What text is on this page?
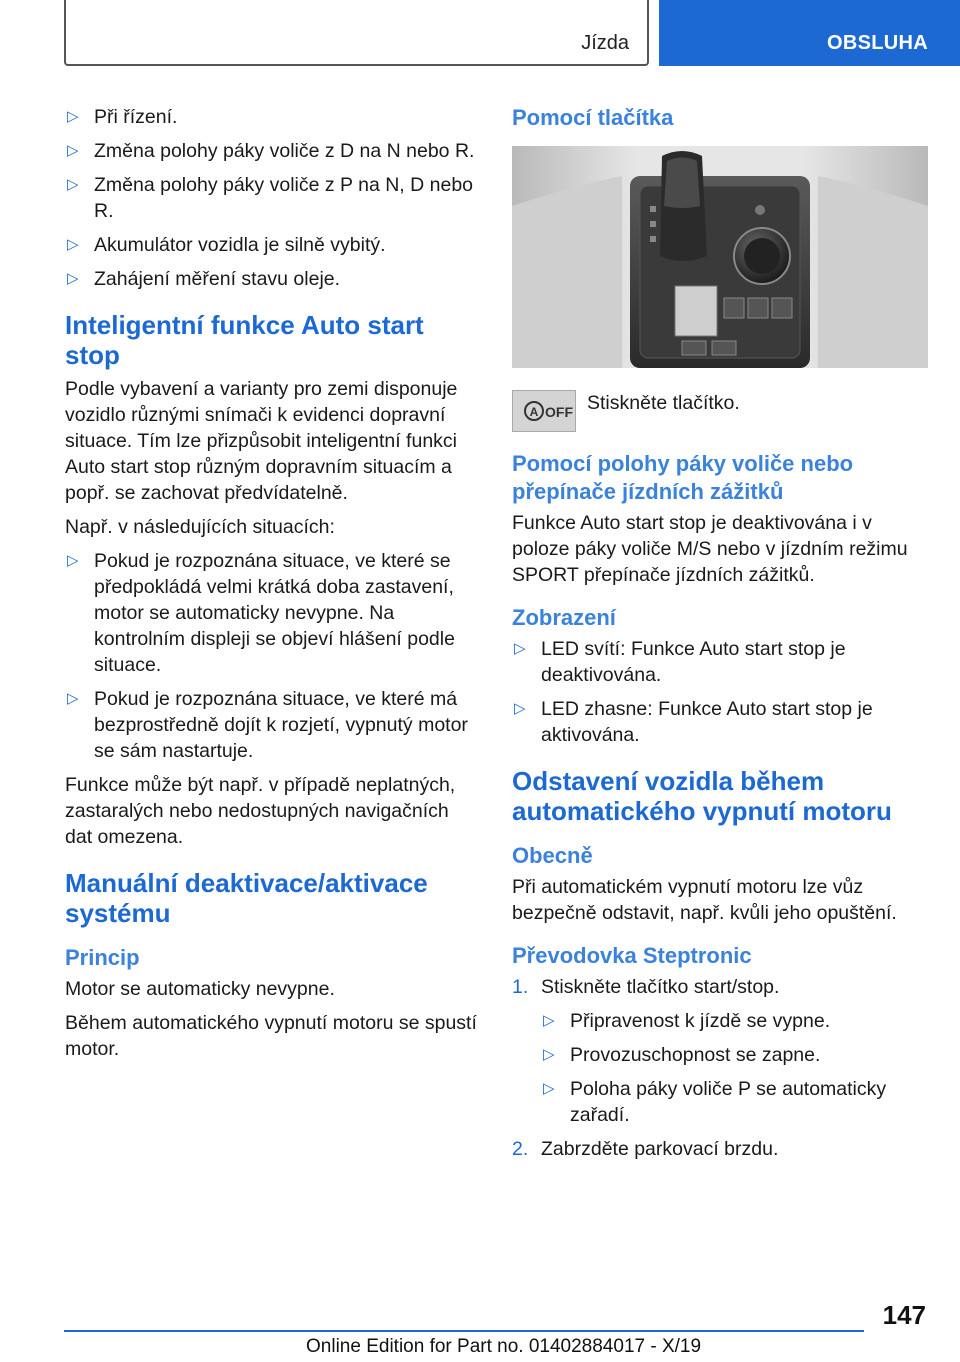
Jízda	OBSLUHA
▷ Při řízení.
▷ Změna polohy páky voliče z D na N nebo R.
▷ Změna polohy páky voliče z P na N, D nebo R.
▷ Akumulátor vozidla je silně vybitý.
▷ Zahájení měření stavu oleje.
Inteligentní funkce Auto start stop

Podle vybavení a varianty pro zemi disponuje vozidlo různými snímači k evidenci dopravní situace. Tím lze přizpůsobit inteligentní funkci Auto start stop různým dopravním situacím a popř. se zachovat předvídatelně.

Např. v následujících situacích:

▷ Pokud je rozpoznána situace, ve které se předpokládá velmi krátká doba zastavení, motor se automaticky nevypne. Na kontrolním displeji se objeví hlášení podle situace.
▷ Pokud je rozpoznána situace, ve které má bezprostředně dojít k rozjetí, vypnutý motor se sám nastartuje.

Funkce může být např. v případě neplatných, zastaralých nebo nedostupných navigačních dat omezena.

Manuální deaktivace/aktivace systému
Princip

Motor se automaticky nevypne.

Během automatického vypnutí motoru se spustí motor.

Pomocí tlačítka
A OFF Stiskněte tlačítko.

Pomocí polohy páky voliče nebo přepínače jízdních zážitků

Funkce Auto start stop je deaktivována i v poloze páky voliče M/S nebo v jízdním režimu SPORT přepínače jízdních zážitků.

Zobrazení
▷ LED svítí: Funkce Auto start stop je deaktivována.
▷ LED zhasne: Funkce Auto start stop je aktivována.
Odstavení vozidla během automatického vypnutí motoru
Obecně

Při automatickém vypnutí motoru lze vůz bezpečně odstavit, např. kvůli jeho opuštění.

Převodovka Steptronic
1. Stiskněte tlačítko start/stop.
▷ Připravenost k jízdě se vypne.
▷ Provozuschopnost se zapne.
▷ Poloha páky voliče P se automaticky zařadí.
2. Zabrzděte parkovací brzdu.
147
Online Edition for Part no. 01402884017 - X/19
